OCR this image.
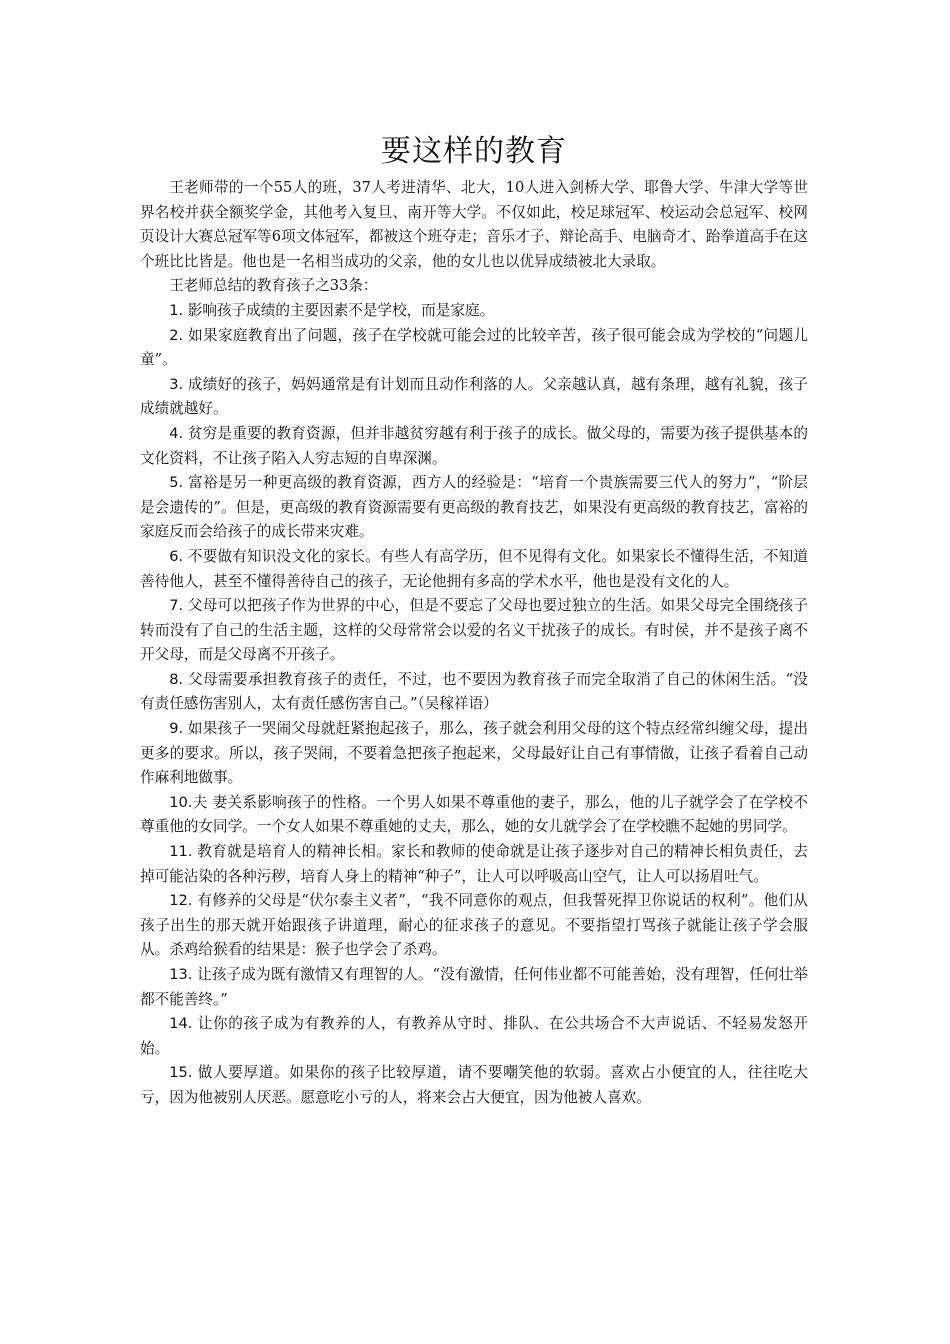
要这样的教育

王老师带的一个55人的班，37人考进清华、北大，10人进入剑桥大学、耶鲁大学、牛津大学等世界名校并获全额奖学金，其他考入复旦、南开等大学。不仅如此，校足球冠军、校运动会总冠军、校网页设计大赛总冠军等6项文体冠军，都被这个班夺走；音乐才子、辩论高手、电脑奇才、跆拳道高手在这个班比比皆是。他也是一名相当成功的父亲，他的女儿也以优异成绩被北大录取。

王老师总结的教育孩子之33条：

1. 影响孩子成绩的主要因素不是学校，而是家庭。

2. 如果家庭教育出了问题，孩子在学校就可能会过的比较辛苦，孩子很可能会成为学校的“问题儿童”。

3. 成绩好的孩子，妈妈通常是有计划而且动作利落的人。父亲越认真，越有条理，越有礼貌，孩子成绩就越好。

4. 贫穷是重要的教育资源，但并非越贫穷越有利于孩子的成长。做父母的，需要为孩子提供基本的文化资料，不让孩子陷入人穷志短的自卑深渊。

5. 富裕是另一种更高级的教育资源，西方人的经验是：“培育一个贵族需要三代人的努力”，“阶层是会遗传的”。但是，更高级的教育资源需要有更高级的教育技艺，如果没有更高级的教育技艺，富裕的家庭反而会给孩子的成长带来灾难。

6. 不要做有知识没文化的家长。有些人有高学历，但不见得有文化。如果家长不懂得生活，不知道善待他人，甚至不懂得善待自己的孩子，无论他拥有多高的学术水平，他也是没有文化的人。

7. 父母可以把孩子作为世界的中心，但是不要忘了父母也要过独立的生活。如果父母完全围绕孩子转而没有了自己的生活主题，这样的父母常常会以爱的名义干扰孩子的成长。有时侯，并不是孩子离不开父母，而是父母离不开孩子。

8. 父母需要承担教育孩子的责任，不过，也不要因为教育孩子而完全取消了自己的休闲生活。“没有责任感伤害别人，太有责任感伤害自己。”（吴稼祥语）

9. 如果孩子一哭闹父母就赶紧抱起孩子，那么，孩子就会利用父母的这个特点经常纠缠父母，提出更多的要求。所以，孩子哭闹，不要着急把孩子抱起来，父母最好让自己有事情做，让孩子看着自己动作麻利地做事。

10.夫 妻关系影响孩子的性格。一个男人如果不尊重他的妻子，那么，他的儿子就学会了在学校不尊重他的女同学。一个女人如果不尊重她的丈夫，那么，她的女儿就学会了在学校瞧不起她的男同学。

11. 教育就是培育人的精神长相。家长和教师的使命就是让孩子逐步对自己的精神长相负责任，去掉可能沾染的各种污秽，培育人身上的精神“种子”，让人可以呼吸高山空气，让人可以扬眉吐气。

12. 有修养的父母是“伏尔泰主义者”，“我不同意你的观点，但我誓死捍卫你说话的权利”。他们从孩子出生的那天就开始跟孩子讲道理，耐心的征求孩子的意见。不要指望打骂孩子就能让孩子学会服从。杀鸡给猴看的结果是：猴子也学会了杀鸡。

13. 让孩子成为既有激情又有理智的人。“没有激情，任何伟业都不可能善始，没有理智，任何壮举都不能善终。”

14. 让你的孩子成为有教养的人，有教养从守时、排队、在公共场合不大声说话、不轻易发怒开始。

15. 做人要厚道。如果你的孩子比较厚道，请不要嘲笑他的软弱。喜欢占小便宜的人，往往吃大亏，因为他被别人厌恶。愿意吃小亏的人，将来会占大便宜，因为他被人喜欢。
